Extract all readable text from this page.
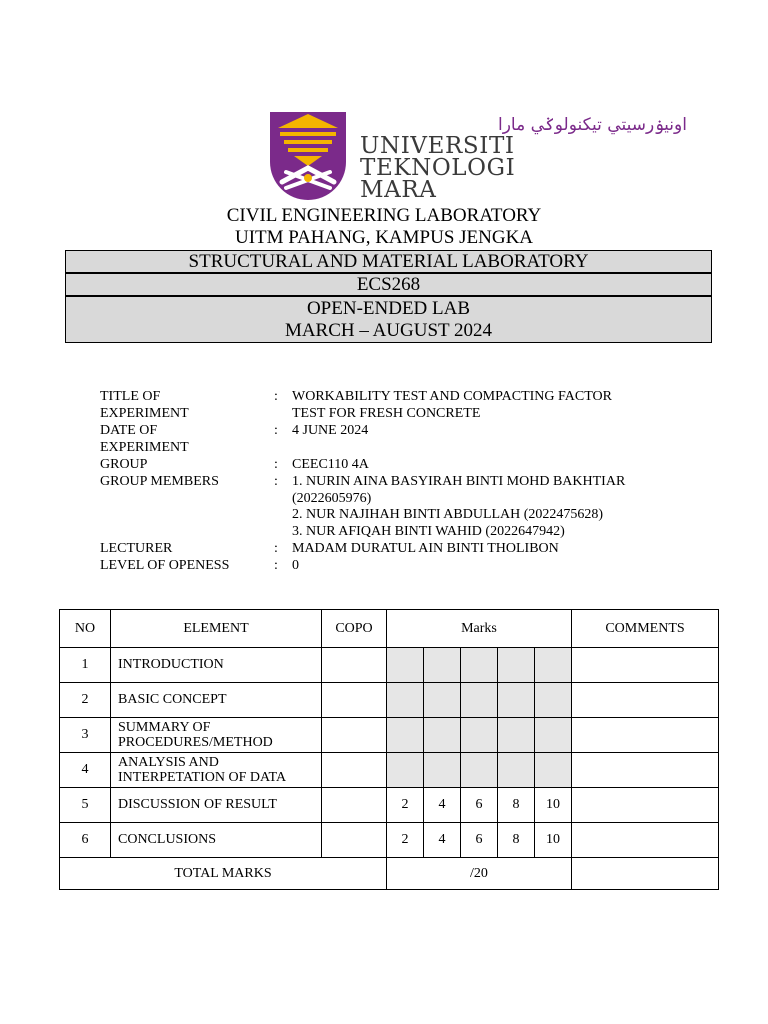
اونيۏرسيتي تيكنولوݢي مارا
UNIVERSITI
TEKNOLOGI
MARA
CIVIL ENGINEERING LABORATORY
UITM PAHANG, KAMPUS JENGKA
STRUCTURAL AND MATERIAL LABORATORY
ECS268
OPEN-ENDED LAB
MARCH – AUGUST 2024
TITLE OF
EXPERIMENT
: WORKABILITY TEST AND COMPACTING FACTOR
TEST FOR FRESH CONCRETE
DATE OF
EXPERIMENT
: 4 JUNE 2024
GROUP	: CEEC110 4A
GROUP MEMBERS	: 1. NURIN AINA BASYIRAH BINTI MOHD BAKHTIAR
(2022605976)
2. NUR NAJIHAH BINTI ABDULLAH (2022475628)
3. NUR AFIQAH BINTI WAHID (2022647942)
LECTURER	: MADAM DURATUL AIN BINTI THOLIBON
LEVEL OF OPENESS	: 0
NO	ELEMENT	COPO	Marks					COMMENTS
1	INTRODUCTION							
2	BASIC CONCEPT							
3	SUMMARY OF
PROCEDURES/METHOD							

4	ANALYSIS AND
INTERPETATION OF DATA							

5	DISCUSSION OF RESULT		2	4	6	8	10	
6	CONCLUSIONS		2	4	6	8	10	
TOTAL MARKS			/20					
